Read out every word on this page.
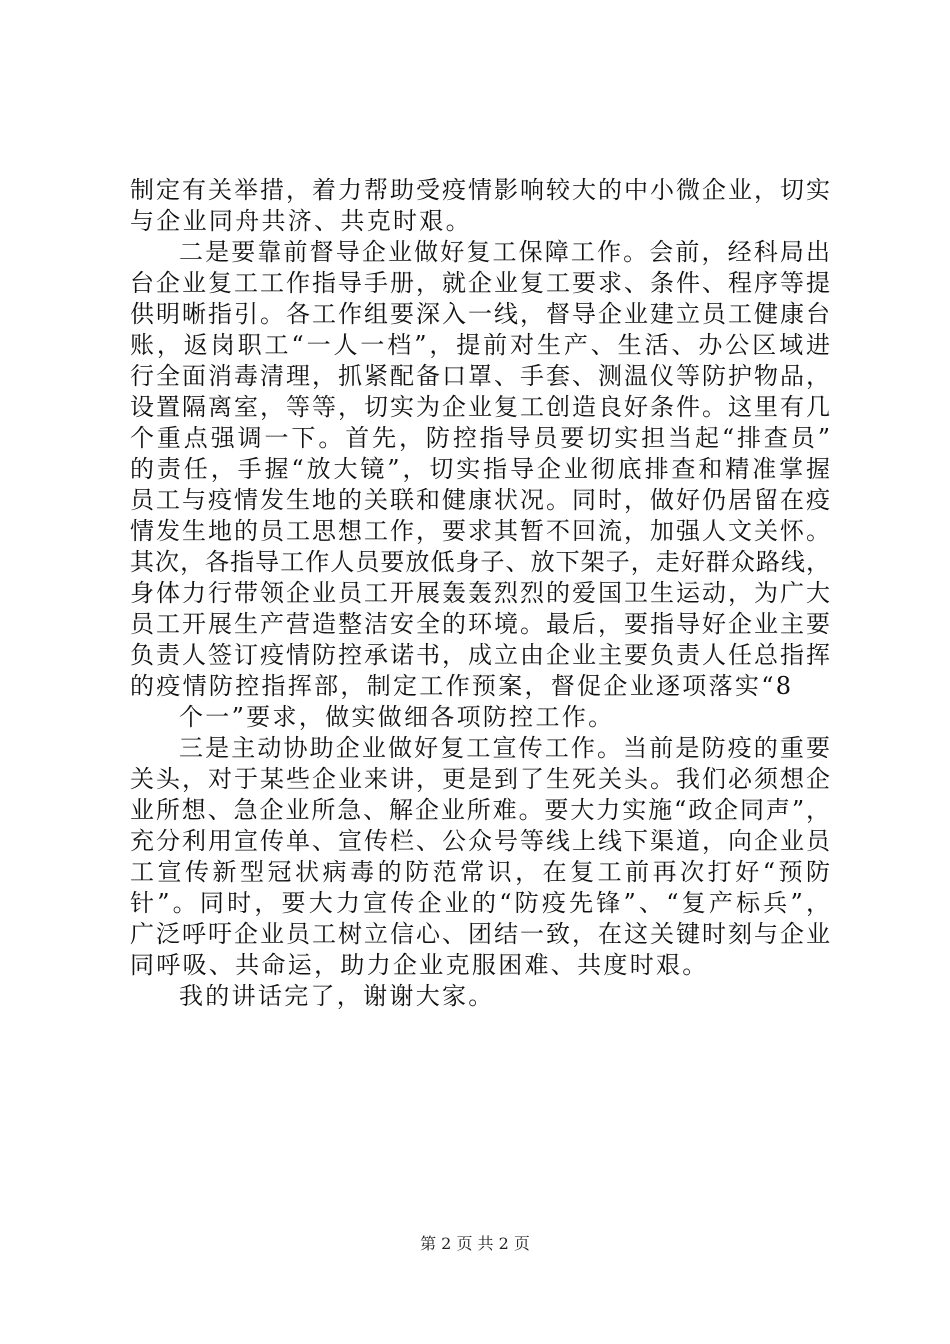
制定有关举措，着力帮助受疫情影响较大的中小微企业，切实
与企业同舟共济、共克时艰。
二是要靠前督导企业做好复工保障工作。会前，经科局出
台企业复工工作指导手册，就企业复工要求、条件、程序等提
供明晰指引。各工作组要深入一线，督导企业建立员工健康台
账，返岗职工“一人一档”，提前对生产、生活、办公区域进
行全面消毒清理，抓紧配备口罩、手套、测温仪等防护物品，
设置隔离室，等等，切实为企业复工创造良好条件。这里有几
个重点强调一下。首先，防控指导员要切实担当起“排查员”
的责任，手握“放大镜”，切实指导企业彻底排查和精准掌握
员工与疫情发生地的关联和健康状况。同时，做好仍居留在疫
情发生地的员工思想工作，要求其暂不回流，加强人文关怀。
其次，各指导工作人员要放低身子、放下架子，走好群众路线，
身体力行带领企业员工开展轰轰烈烈的爱国卫生运动，为广大
员工开展生产营造整洁安全的环境。最后，要指导好企业主要
负责人签订疫情防控承诺书，成立由企业主要负责人任总指挥
的疫情防控指挥部，制定工作预案，督促企业逐项落实“8
个一”要求，做实做细各项防控工作。
三是主动协助企业做好复工宣传工作。当前是防疫的重要
关头，对于某些企业来讲，更是到了生死关头。我们必须想企
业所想、急企业所急、解企业所难。要大力实施“政企同声”，
充分利用宣传单、宣传栏、公众号等线上线下渠道，向企业员
工宣传新型冠状病毒的防范常识，在复工前再次打好“预防
针”。同时，要大力宣传企业的“防疫先锋”、“复产标兵”，
广泛呼吁企业员工树立信心、团结一致，在这关键时刻与企业
同呼吸、共命运，助力企业克服困难、共度时艰。
我的讲话完了，谢谢大家。
第 2 页 共 2 页
